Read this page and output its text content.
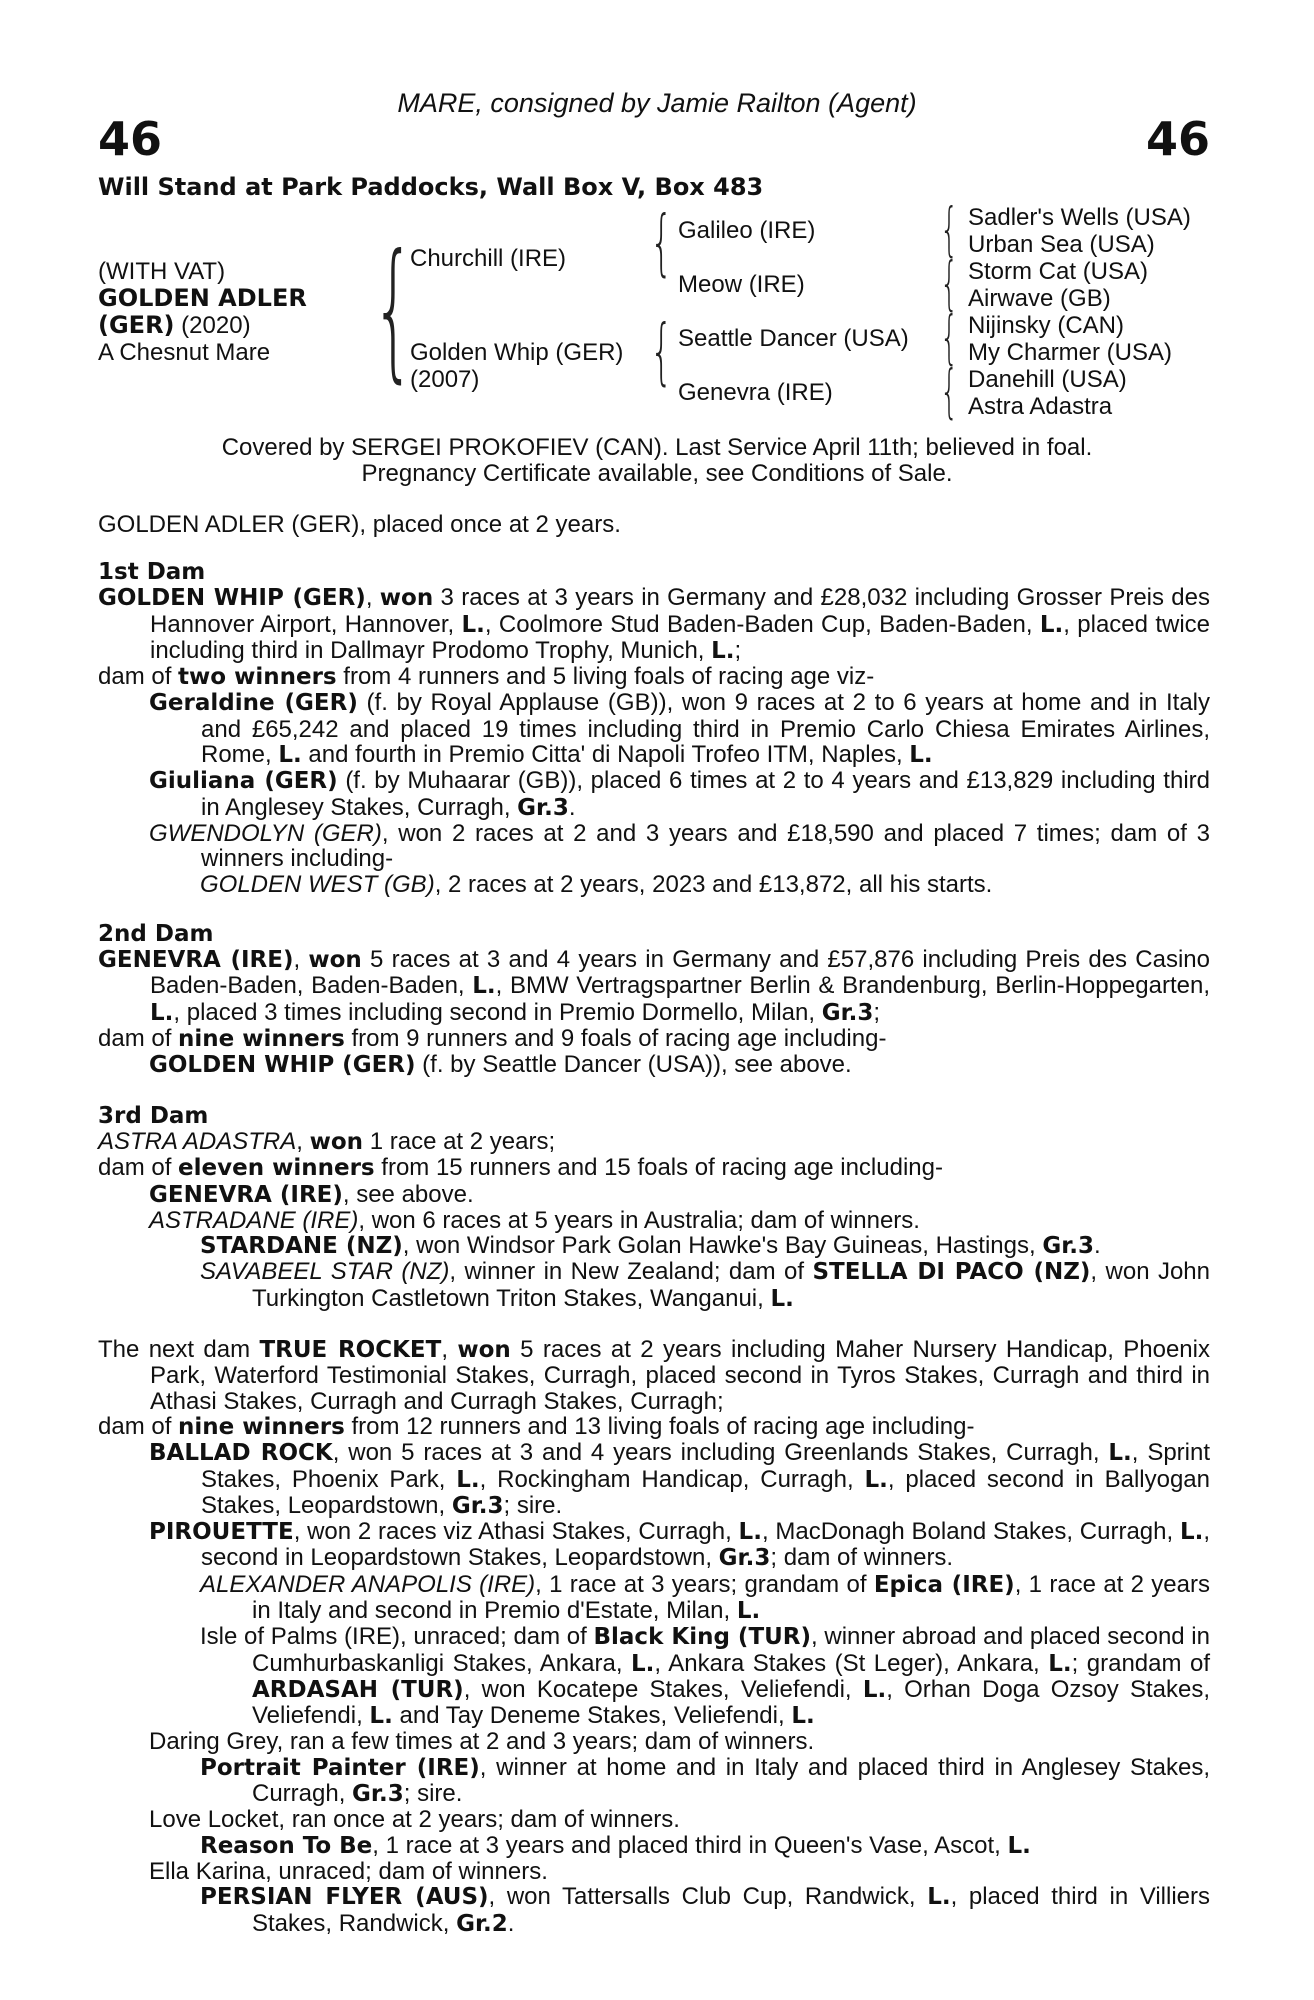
MARE, consigned by Jamie Railton (Agent)
46	46
Will Stand at Park Paddocks, Wall Box V, Box 483
(WITH VAT)
GOLDEN ADLER
(GER) (2020)
A Chesnut Mare {
Churchill (IRE)
Golden Whip (GER)
(2007)
{
{
Galileo (IRE)
Meow (IRE)
Seattle Dancer (USA)
Genevra (IRE)
{
{
{
{
Sadler's Wells (USA)
Urban Sea (USA)
Storm Cat (USA)
Airwave (GB)
Nijinsky (CAN)
My Charmer (USA)
Danehill (USA)
Astra Adastra
Covered by SERGEI PROKOFIEV (CAN). Last Service April 11th; believed in foal.
Pregnancy Certificate available, see Conditions of Sale.
GOLDEN ADLER (GER), placed once at 2 years.

1st Dam

GOLDEN WHIP (GER), won 3 races at 3 years in Germany and £28,032 including Grosser Preis des Hannover Airport, Hannover, L., Coolmore Stud Baden-Baden Cup, Baden-Baden, L., placed twice including third in Dallmayr Prodomo Trophy, Munich, L.;

dam of two winners from 4 runners and 5 living foals of racing age viz-

Geraldine (GER) (f. by Royal Applause (GB)), won 9 races at 2 to 6 years at home and in Italy and £65,242 and placed 19 times including third in Premio Carlo Chiesa Emirates Airlines, Rome, L. and fourth in Premio Citta' di Napoli Trofeo ITM, Naples, L.

Giuliana (GER) (f. by Muhaarar (GB)), placed 6 times at 2 to 4 years and £13,829 including third in Anglesey Stakes, Curragh, Gr.3.

GWENDOLYN (GER), won 2 races at 2 and 3 years and £18,590 and placed 7 times; dam of 3 winners including-

GOLDEN WEST (GB), 2 races at 2 years, 2023 and £13,872, all his starts.

2nd Dam

GENEVRA (IRE), won 5 races at 3 and 4 years in Germany and £57,876 including Preis des Casino Baden-Baden, Baden-Baden, L., BMW Vertragspartner Berlin & Brandenburg, Berlin-Hoppegarten, L., placed 3 times including second in Premio Dormello, Milan, Gr.3;

dam of nine winners from 9 runners and 9 foals of racing age including-

GOLDEN WHIP (GER) (f. by Seattle Dancer (USA)), see above.

3rd Dam

ASTRA ADASTRA, won 1 race at 2 years;

dam of eleven winners from 15 runners and 15 foals of racing age including-

GENEVRA (IRE), see above.

ASTRADANE (IRE), won 6 races at 5 years in Australia; dam of winners.

STARDANE (NZ), won Windsor Park Golan Hawke's Bay Guineas, Hastings, Gr.3.

SAVABEEL STAR (NZ), winner in New Zealand; dam of STELLA DI PACO (NZ), won John Turkington Castletown Triton Stakes, Wanganui, L.

The next dam TRUE ROCKET, won 5 races at 2 years including Maher Nursery Handicap, Phoenix Park, Waterford Testimonial Stakes, Curragh, placed second in Tyros Stakes, Curragh and third in Athasi Stakes, Curragh and Curragh Stakes, Curragh;

dam of nine winners from 12 runners and 13 living foals of racing age including-

BALLAD ROCK, won 5 races at 3 and 4 years including Greenlands Stakes, Curragh, L., Sprint Stakes, Phoenix Park, L., Rockingham Handicap, Curragh, L., placed second in Ballyogan Stakes, Leopardstown, Gr.3; sire.

PIROUETTE, won 2 races viz Athasi Stakes, Curragh, L., MacDonagh Boland Stakes, Curragh, L., second in Leopardstown Stakes, Leopardstown, Gr.3; dam of winners.

ALEXANDER ANAPOLIS (IRE), 1 race at 3 years; grandam of Epica (IRE), 1 race at 2 years in Italy and second in Premio d'Estate, Milan, L.

Isle of Palms (IRE), unraced; dam of Black King (TUR), winner abroad and placed second in Cumhurbaskanligi Stakes, Ankara, L., Ankara Stakes (St Leger), Ankara, L.; grandam of ARDASAH (TUR), won Kocatepe Stakes, Veliefendi, L., Orhan Doga Ozsoy Stakes, Veliefendi, L. and Tay Deneme Stakes, Veliefendi, L.

Daring Grey, ran a few times at 2 and 3 years; dam of winners.

Portrait Painter (IRE), winner at home and in Italy and placed third in Anglesey Stakes, Curragh, Gr.3; sire.

Love Locket, ran once at 2 years; dam of winners.

Reason To Be, 1 race at 3 years and placed third in Queen's Vase, Ascot, L.

Ella Karina, unraced; dam of winners.

PERSIAN FLYER (AUS), won Tattersalls Club Cup, Randwick, L., placed third in Villiers Stakes, Randwick, Gr.2.
